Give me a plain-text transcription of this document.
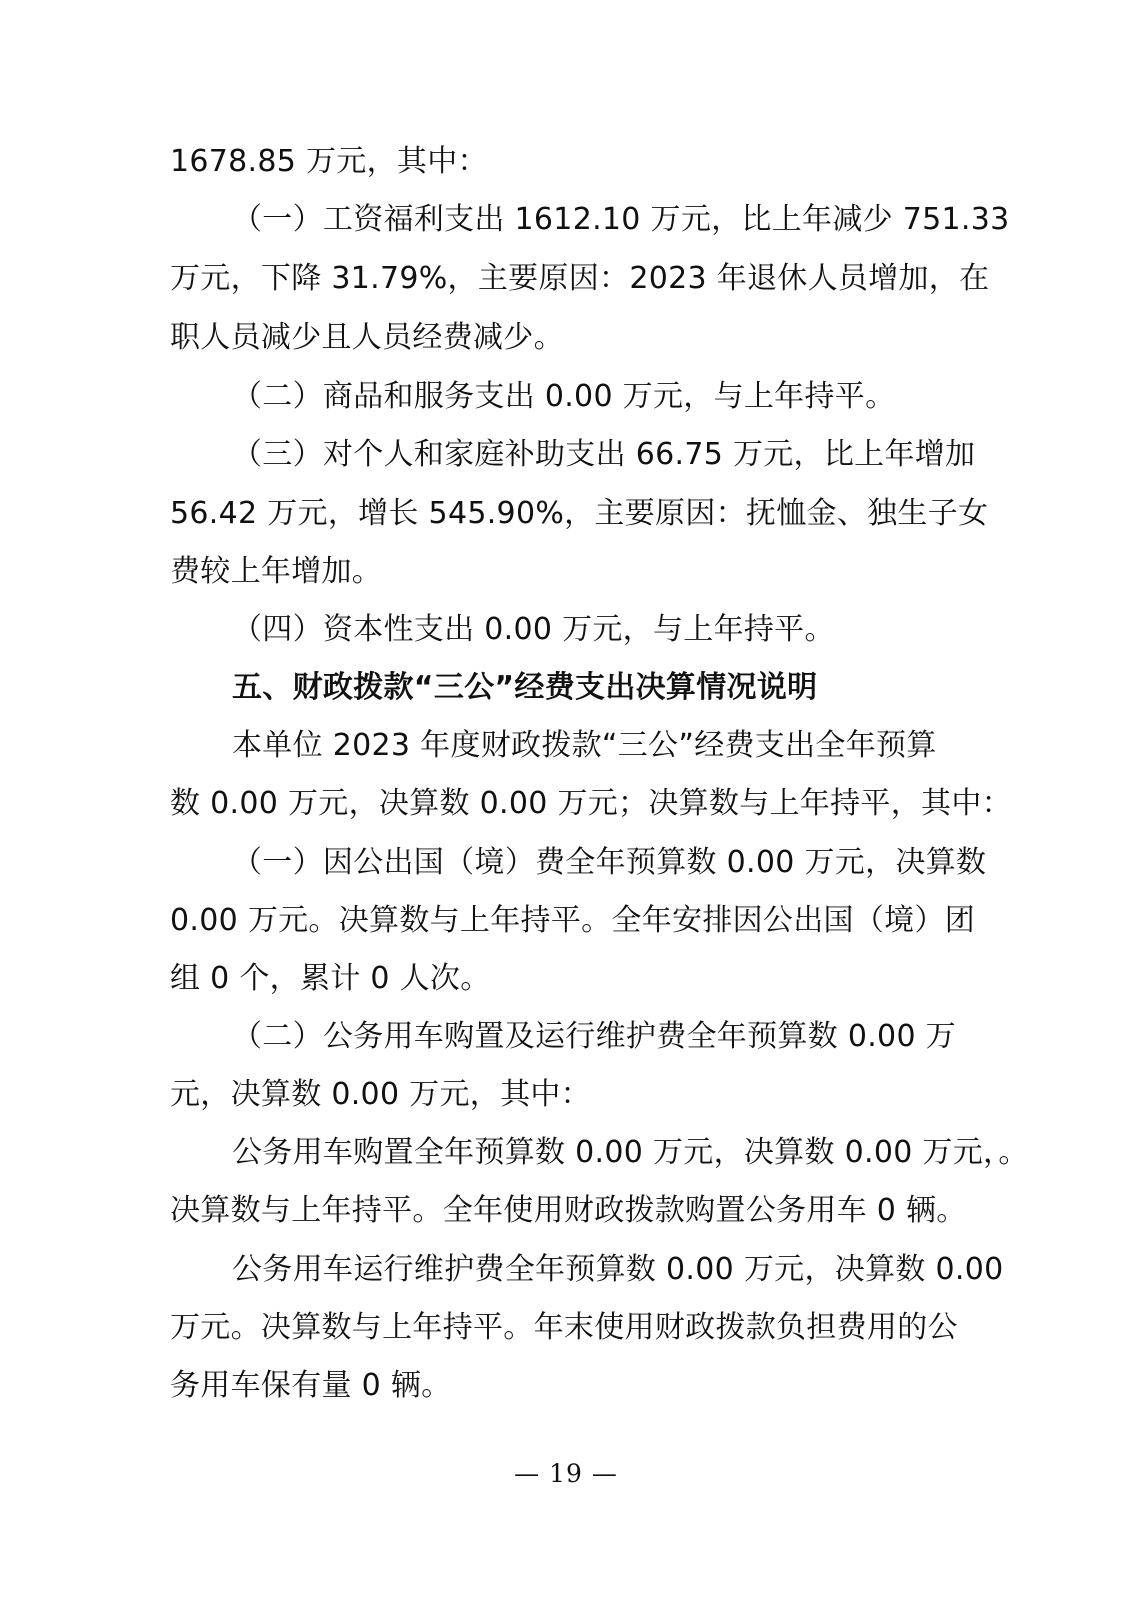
1678.85 万元，其中：
（一）工资福利支出 1612.10 万元，比上年减少 751.33
万元，下降 31.79%，主要原因：2023 年退休人员增加，在
职人员减少且人员经费减少。
（二）商品和服务支出 0.00 万元，与上年持平。
（三）对个人和家庭补助支出 66.75 万元，比上年增加
56.42 万元，增长 545.90%，主要原因：抚恤金、独生子女
费较上年增加。
（四）资本性支出 0.00 万元，与上年持平。
五、财政拨款“三公”经费支出决算情况说明
本单位 2023 年度财政拨款“三公”经费支出全年预算
数 0.00 万元，决算数 0.00 万元；决算数与上年持平，其中：
（一）因公出国（境）费全年预算数 0.00 万元，决算数
0.00 万元。决算数与上年持平。全年安排因公出国（境）团
组 0 个，累计 0 人次。
（二）公务用车购置及运行维护费全年预算数 0.00 万
元，决算数 0.00 万元，其中：
公务用车购置全年预算数 0.00 万元，决算数 0.00 万元，。
决算数与上年持平。全年使用财政拨款购置公务用车 0 辆。
公务用车运行维护费全年预算数 0.00 万元，决算数 0.00
万元。决算数与上年持平。年末使用财政拨款负担费用的公
务用车保有量 0 辆。
— 19 —
